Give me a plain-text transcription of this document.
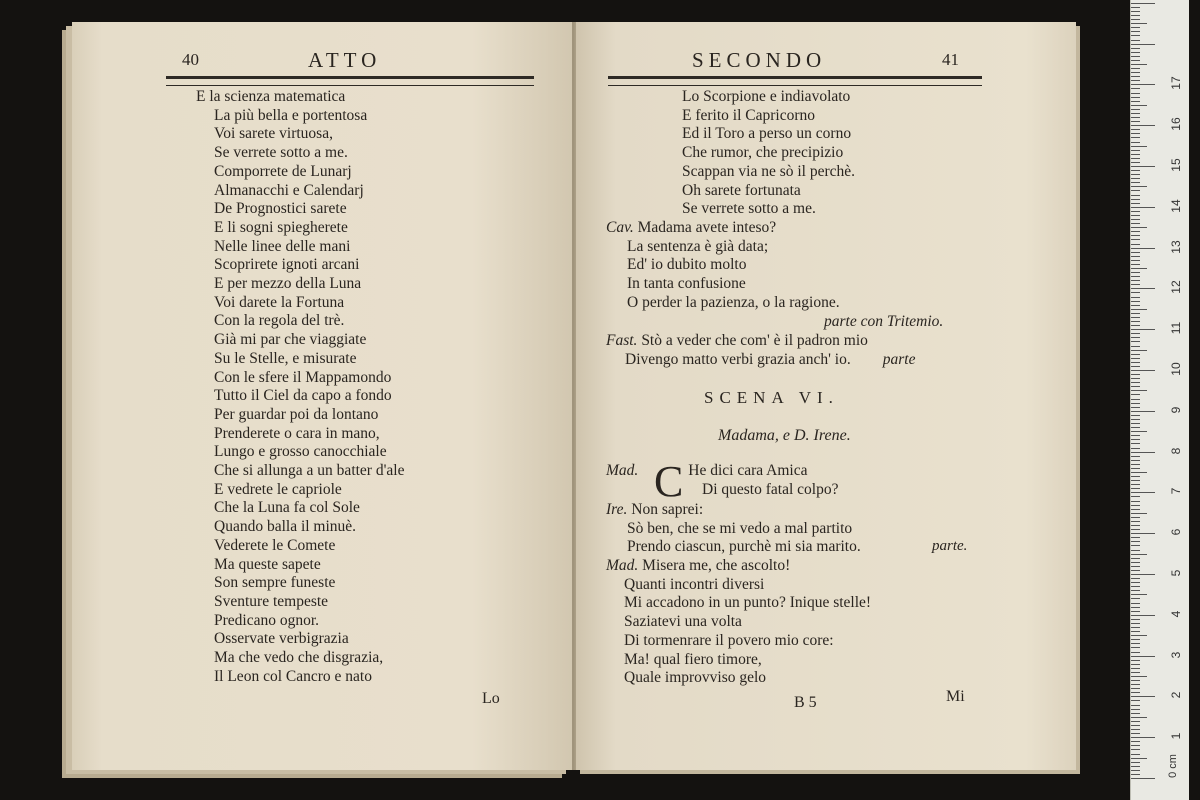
40	ATTO
E la scienza matematica
La più bella e portentosa
Voi sarete virtuosa,
Se verrete sotto a me.
Comporrete de Lunarj
Almanacchi e Calendarj
De Prognostici sarete
E li sogni spiegherete
Nelle linee delle mani
Scoprirete ignoti arcani
E per mezzo della Luna
Voi darete la Fortuna
Con la regola del trè.
Già mi par che viaggiate
Su le Stelle, e misurate
Con le sfere il Mappamondo
Tutto il Ciel da capo a fondo
Per guardar poi da lontano
Prenderete o cara in mano,
Lungo e grosso canocchiale
Che si allunga a un batter d'ale
E vedrete le capriole
Che la Luna fa col Sole
Quando balla il minuè.
Vederete le Comete
Ma queste sapete
Son sempre funeste
Sventure tempeste
Predicano ognor.
Osservate verbigrazia
Ma che vedo che disgrazia,
Il Leon col Cancro e nato
Lo
SECONDO	41
Lo Scorpione e indiavolato
E ferito il Capricorno
Ed il Toro a perso un corno
Che rumor, che precipizio
Scappan via ne sò il perchè.
Oh sarete fortunata
Se verrete sotto a me.
Cav. Madama avete inteso?
La sentenza è già data;
Ed' io dubito molto
In tanta confusione
O perder la pazienza, o la ragione.
parte con Tritemio.
Fast. Stò a veder che com' è il padron mio
Divengo matto verbi grazia anch' io. parte
SCENA VI.
Madama, e D. Irene.
Mad.	He dici cara Amica
Di questo fatal colpo?
C
Ire. Non saprei:
Sò ben, che se mi vedo a mal partito
Prendo ciascun, purchè mi sia marito.	parte.
Mad. Misera me, che ascolto!
Quanti incontri diversi
Mi accadono in un punto? Inique stelle!
Saziatevi una volta
Di tormenrare il povero mio core:
Ma! qual fiero timore,
Quale improvviso gelo
B 5	Mi
0 cm
1
2
3
4
5
6
7
8
9
10
11
12
13
14
15
16
17
